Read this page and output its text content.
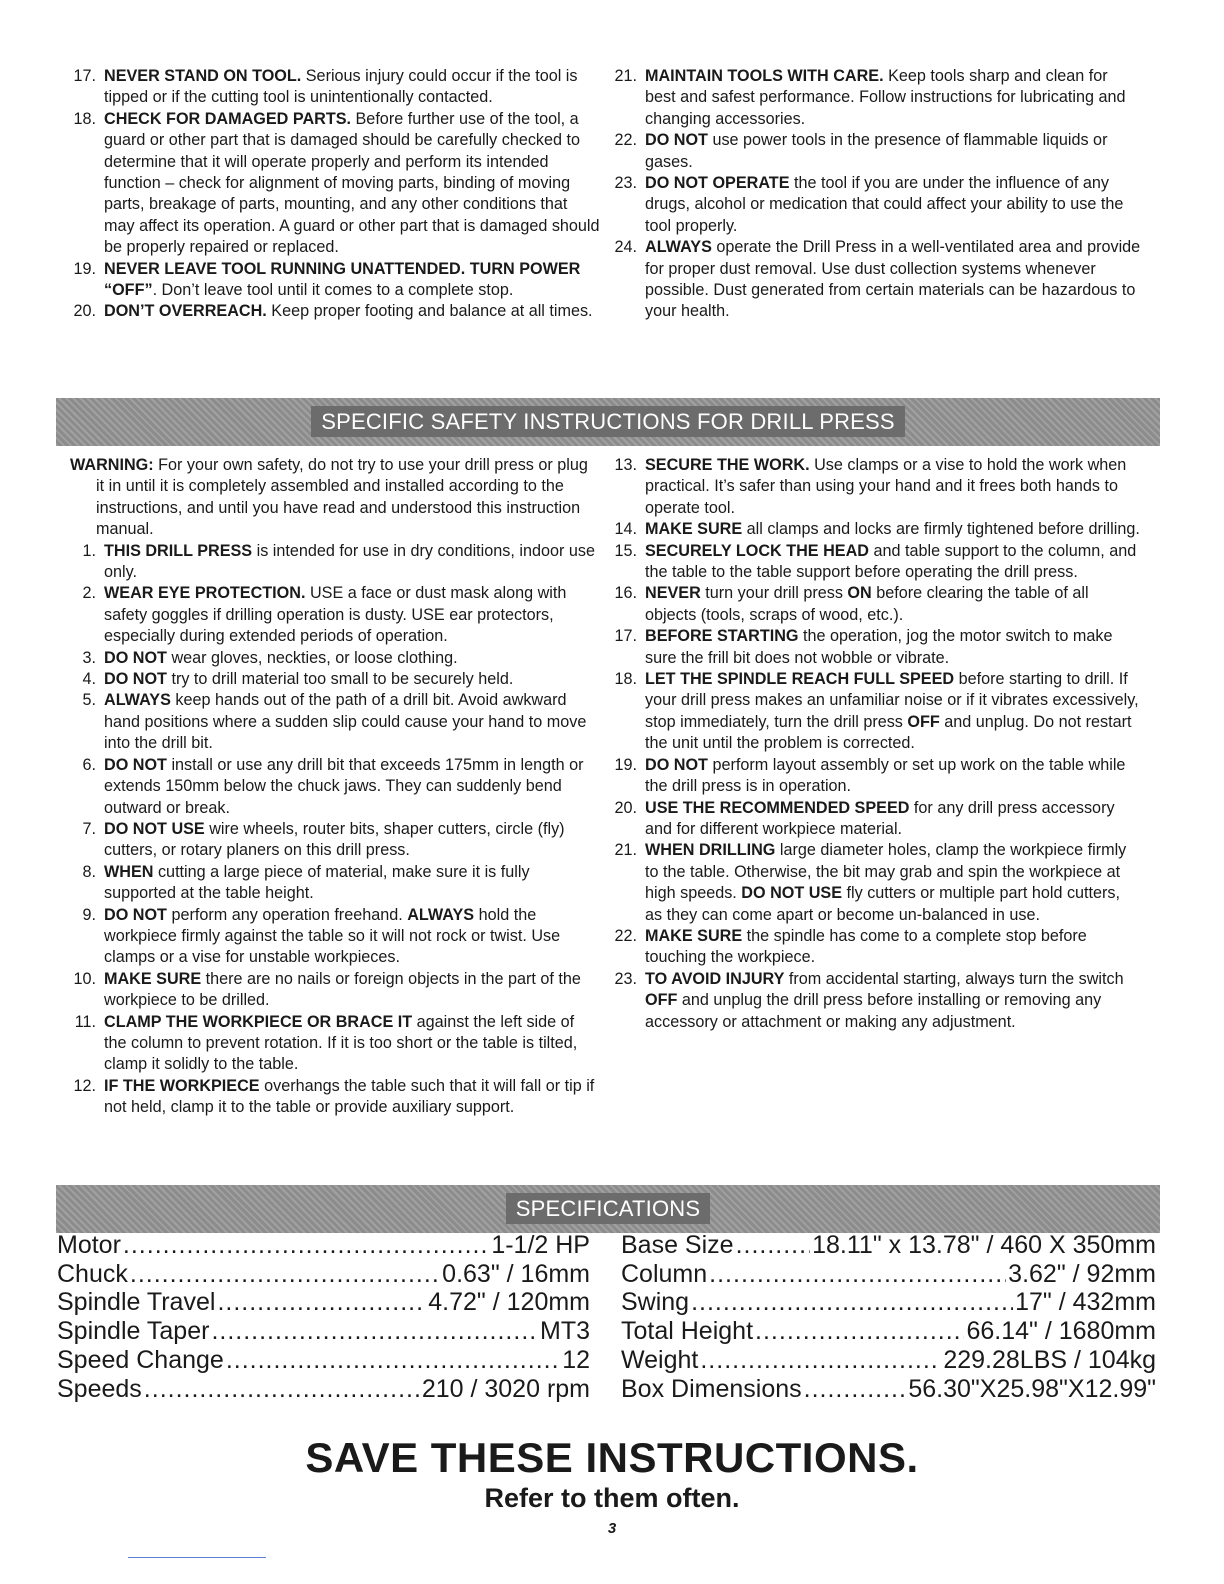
17. NEVER STAND ON TOOL. Serious injury could occur if the tool is tipped or if the cutting tool is unintentionally contacted.

18. CHECK FOR DAMAGED PARTS. Before further use of the tool, a guard or other part that is damaged should be carefully checked to determine that it will operate properly and perform its intended function – check for alignment of moving parts, binding of moving parts, breakage of parts, mounting, and any other conditions that may affect its operation. A guard or other part that is damaged should be properly repaired or replaced.

19. NEVER LEAVE TOOL RUNNING UNATTENDED. TURN POWER “OFF”. Don’t leave tool until it comes to a complete stop.

20. DON’T OVERREACH. Keep proper footing and balance at all times.

21. MAINTAIN TOOLS WITH CARE. Keep tools sharp and clean for best and safest performance. Follow instructions for lubricating and changing accessories.

22. DO NOT use power tools in the presence of flammable liquids or gases.

23. DO NOT OPERATE the tool if you are under the influence of any drugs, alcohol or medication that could affect your ability to use the tool properly.

24. ALWAYS operate the Drill Press in a well-ventilated area and provide for proper dust removal. Use dust collection systems whenever possible. Dust generated from certain materials can be hazardous to your health.

SPECIFIC SAFETY INSTRUCTIONS FOR DRILL PRESS

WARNING: For your own safety, do not try to use your drill press or plug it in until it is completely assembled and installed according to the instructions, and until you have read and understood this instruction manual.

1. THIS DRILL PRESS is intended for use in dry conditions, indoor use only.

2. WEAR EYE PROTECTION. USE a face or dust mask along with safety goggles if drilling operation is dusty. USE ear protectors, especially during extended periods of operation.

3. DO NOT wear gloves, neckties, or loose clothing.

4. DO NOT try to drill material too small to be securely held.

5. ALWAYS keep hands out of the path of a drill bit. Avoid awkward hand positions where a sudden slip could cause your hand to move into the drill bit.

6. DO NOT install or use any drill bit that exceeds 175mm in length or extends 150mm below the chuck jaws. They can suddenly bend outward or break.

7. DO NOT USE wire wheels, router bits, shaper cutters, circle (fly) cutters, or rotary planers on this drill press.

8. WHEN cutting a large piece of material, make sure it is fully supported at the table height.

9. DO NOT perform any operation freehand. ALWAYS hold the workpiece firmly against the table so it will not rock or twist. Use clamps or a vise for unstable workpieces.

10. MAKE SURE there are no nails or foreign objects in the part of the workpiece to be drilled.

11. CLAMP THE WORKPIECE OR BRACE IT against the left side of the column to prevent rotation. If it is too short or the table is tilted, clamp it solidly to the table.

12. IF THE WORKPIECE overhangs the table such that it will fall or tip if not held, clamp it to the table or provide auxiliary support.

13. SECURE THE WORK. Use clamps or a vise to hold the work when practical. It’s safer than using your hand and it frees both hands to operate tool.

14. MAKE SURE all clamps and locks are firmly tightened before drilling.

15. SECURELY LOCK THE HEAD and table support to the column, and the table to the table support before operating the drill press.

16. NEVER turn your drill press ON before clearing the table of all objects (tools, scraps of wood, etc.).

17. BEFORE STARTING the operation, jog the motor switch to make sure the frill bit does not wobble or vibrate.

18. LET THE SPINDLE REACH FULL SPEED before starting to drill. If your drill press makes an unfamiliar noise or if it vibrates excessively, stop immediately, turn the drill press OFF and unplug. Do not restart the unit until the problem is corrected.

19. DO NOT perform layout assembly or set up work on the table while the drill press is in operation.

20. USE THE RECOMMENDED SPEED for any drill press accessory and for different workpiece material.

21. WHEN DRILLING large diameter holes, clamp the workpiece firmly to the table. Otherwise, the bit may grab and spin the workpiece at high speeds. DO NOT USE fly cutters or multiple part hold cutters, as they can come apart or become un-balanced in use.

22. MAKE SURE the spindle has come to a complete stop before touching the workpiece.

23. TO AVOID INJURY from accidental starting, always turn the switch OFF and unplug the drill press before installing or removing any accessory or attachment or making any adjustment.

SPECIFICATIONS
Motor .....	1-1/2 HP
Chuck .....	0.63" / 16mm
Spindle Travel .....	4.72" / 120mm
Spindle Taper .....	MT3
Speed Change .....	12
Speeds .....	210 / 3020 rpm
Base Size .....	18.11" x 13.78" / 460 X 350mm
Column .....	3.62" / 92mm
Swing .....	17" / 432mm
Total Height .....	66.14" / 1680mm
Weight .....	229.28LBS / 104kg
Box Dimensions .....	56.30"X25.98"X12.99"
SAVE THESE INSTRUCTIONS.
Refer to them often.
3
